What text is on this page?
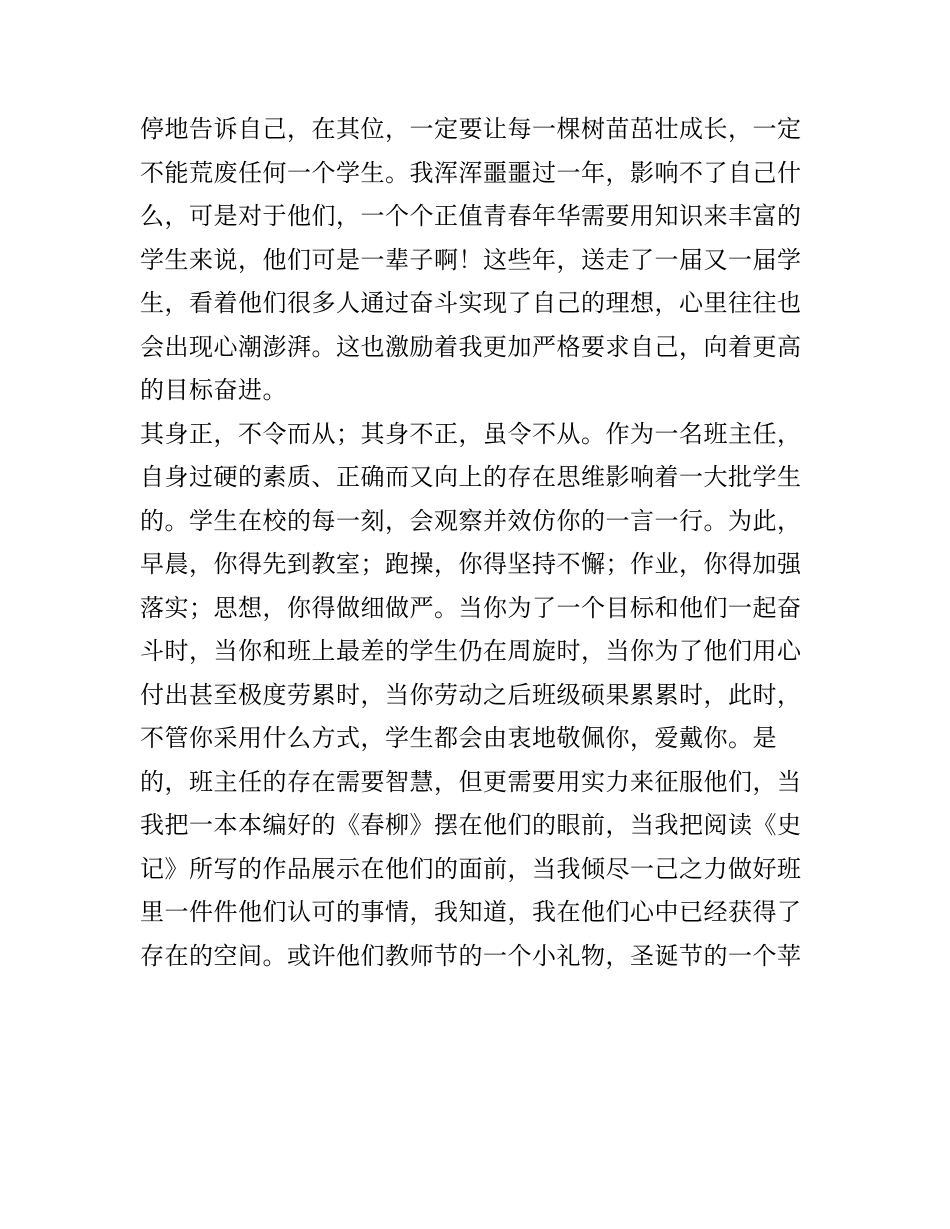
停地告诉自己，在其位，一定要让每一棵树苗茁壮成长，一定
不能荒废任何一个学生。我浑浑噩噩过一年，影响不了自己什
么，可是对于他们，一个个正值青春年华需要用知识来丰富的
学生来说，他们可是一辈子啊！这些年，送走了一届又一届学
生，看着他们很多人通过奋斗实现了自己的理想，心里往往也
会出现心潮澎湃。这也激励着我更加严格要求自己，向着更高
的目标奋进。
其身正，不令而从；其身不正，虽令不从。作为一名班主任，
自身过硬的素质、正确而又向上的存在思维影响着一大批学生
的。学生在校的每一刻，会观察并效仿你的一言一行。为此，
早晨，你得先到教室；跑操，你得坚持不懈；作业，你得加强
落实；思想，你得做细做严。当你为了一个目标和他们一起奋
斗时，当你和班上最差的学生仍在周旋时，当你为了他们用心
付出甚至极度劳累时，当你劳动之后班级硕果累累时，此时，
不管你采用什么方式，学生都会由衷地敬佩你，爱戴你。是
的，班主任的存在需要智慧，但更需要用实力来征服他们，当
我把一本本编好的《春柳》摆在他们的眼前，当我把阅读《史
记》所写的作品展示在他们的面前，当我倾尽一己之力做好班
里一件件他们认可的事情，我知道，我在他们心中已经获得了
存在的空间。或许他们教师节的一个小礼物，圣诞节的一个苹
